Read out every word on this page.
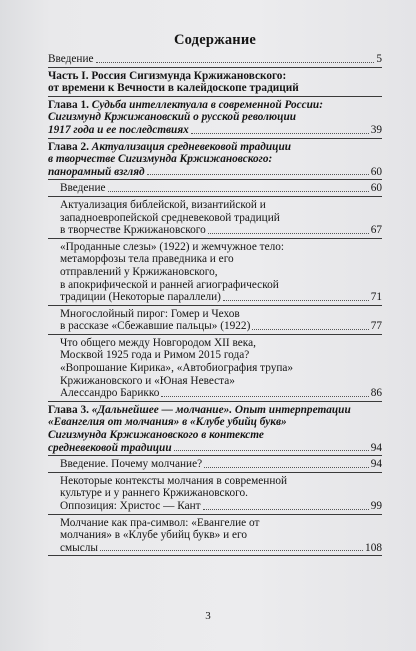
Содержание
Введение	5
Часть I. Россия Сигизмунда Кржижановского:
от времени к Вечности в калейдоскопе традиций
Глава 1. Судьба интеллектуала в современной России:
Сигизмунд Кржижановский о русской революции
1917 года и ее последствиях	39
Глава 2. Актуализация средневековой традиции
в творчестве Сигизмунда Кржижановского:
панорамный взгляд	60
Введение	60
Актуализация библейской, византийской и
западноевропейской средневековой традиций
в творчестве Кржижановского	67
«Проданные слезы» (1922) и жемчужное тело:
метаморфозы тела праведника и его
отправлений у Кржижановского,
в апокрифической и ранней агиографической
традиции (Некоторые параллели)	71
Многослойный пирог: Гомер и Чехов
в рассказе «Сбежавшие пальцы» (1922)	77
Что общего между Новгородом XII века,
Москвой 1925 года и Римом 2015 года?
«Вопрошание Кирика», «Автобиография трупа»
Кржижановского и «Юная Невеста»
Алессандро Барикко	86
Глава 3. «Дальнейшее — молчание». Опыт интерпретации
«Евангелия от молчания» в «Клубе убийц букв»
Сигизмунда Кржижановского в контексте
средневековой традиции	94
Введение. Почему молчание?	94
Некоторые контексты молчания в современной
культуре и у раннего Кржижановского.
Оппозиция: Христос — Кант	99
Молчание как пра-символ: «Евангелие от
молчания» в «Клубе убийц букв» и его
смыслы	108
3
